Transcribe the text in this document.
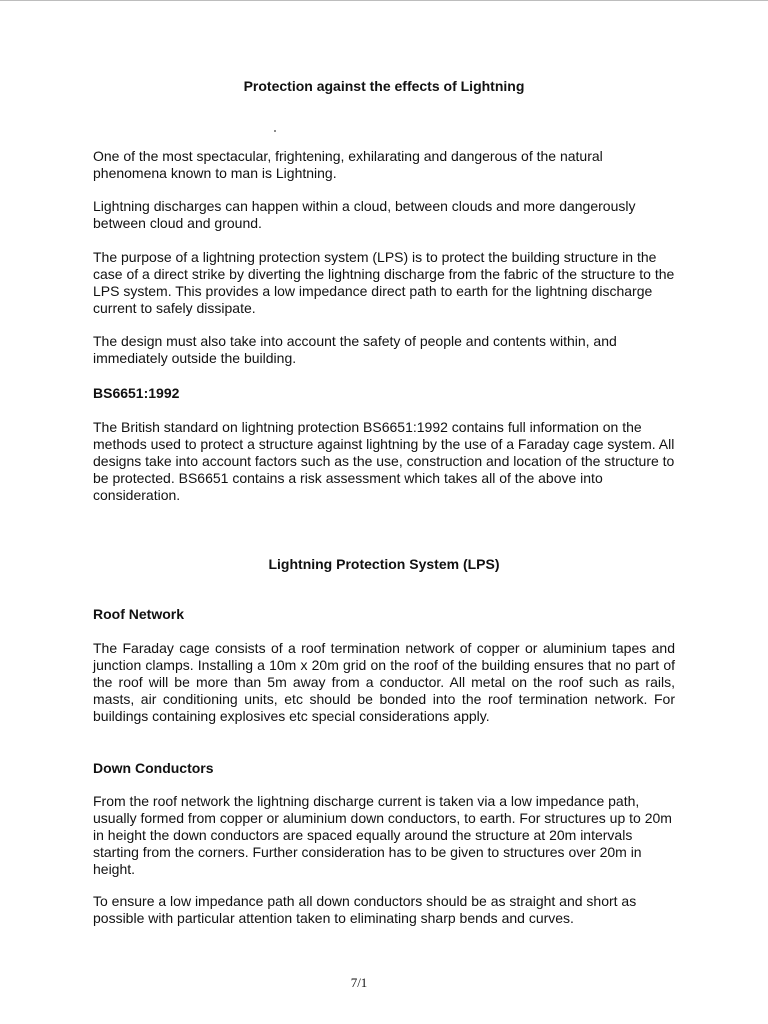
Protection against the effects of Lightning

One of the most spectacular, frightening, exhilarating and dangerous of the natural phenomena known to man is Lightning.

Lightning discharges can happen within a cloud, between clouds and more dangerously between cloud and ground.

The purpose of a lightning protection system (LPS) is to protect the building structure in the case of a direct strike by diverting the lightning discharge from the fabric of the structure to the LPS system. This provides a low impedance direct path to earth for the lightning discharge current to safely dissipate.

The design must also take into account the safety of people and contents within, and immediately outside the building.

BS6651:1992

The British standard on lightning protection BS6651:1992 contains full information on the methods used to protect a structure against lightning by the use of a Faraday cage system. All designs take into account factors such as the use, construction and location of the structure to be protected. BS6651 contains a risk assessment which takes all of the above into consideration.

Lightning Protection System (LPS)
Roof Network

The Faraday cage consists of a roof termination network of copper or aluminium tapes and junction clamps. Installing a 10m x 20m grid on the roof of the building ensures that no part of the roof will be more than 5m away from a conductor. All metal on the roof such as rails, masts, air conditioning units, etc should be bonded into the roof termination network. For buildings containing explosives etc special considerations apply.

Down Conductors

From the roof network the lightning discharge current is taken via a low impedance path, usually formed from copper or aluminium down conductors, to earth. For structures up to 20m in height the down conductors are spaced equally around the structure at 20m intervals starting from the corners. Further consideration has to be given to structures over 20m in height.

To ensure a low impedance path all down conductors should be as straight and short as possible with particular attention taken to eliminating sharp bends and curves.

7/1
